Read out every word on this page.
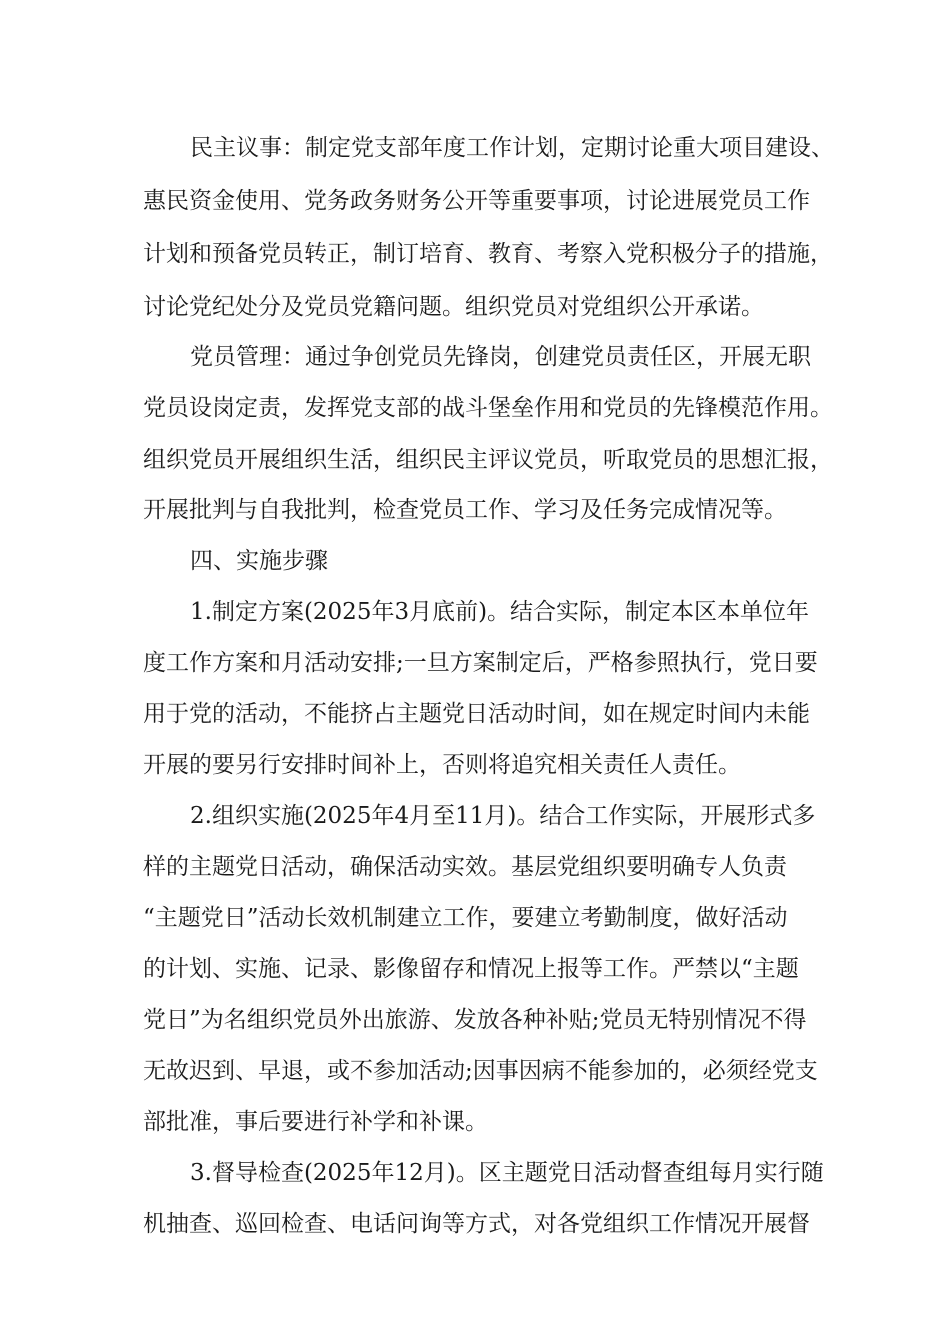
民主议事：制定党支部年度工作计划，定期讨论重大项目建设、
惠民资金使用、党务政务财务公开等重要事项，讨论进展党员工作
计划和预备党员转正，制订培育、教育、考察入党积极分子的措施，
讨论党纪处分及党员党籍问题。组织党员对党组织公开承诺。
党员管理：通过争创党员先锋岗，创建党员责任区，开展无职
党员设岗定责，发挥党支部的战斗堡垒作用和党员的先锋模范作用。
组织党员开展组织生活，组织民主评议党员，听取党员的思想汇报，
开展批判与自我批判，检查党员工作、学习及任务完成情况等。
四、实施步骤
1.制定方案(2025年3月底前)。结合实际，制定本区本单位年
度工作方案和月活动安排;一旦方案制定后，严格参照执行，党日要
用于党的活动，不能挤占主题党日活动时间，如在规定时间内未能
开展的要另行安排时间补上，否则将追究相关责任人责任。
2.组织实施(2025年4月至11月)。结合工作实际，开展形式多
样的主题党日活动，确保活动实效。基层党组织要明确专人负责
“主题党日”活动长效机制建立工作，要建立考勤制度，做好活动
的计划、实施、记录、影像留存和情况上报等工作。严禁以“主题
党日”为名组织党员外出旅游、发放各种补贴;党员无特别情况不得
无故迟到、早退，或不参加活动;因事因病不能参加的，必须经党支
部批准，事后要进行补学和补课。
3.督导检查(2025年12月)。区主题党日活动督查组每月实行随
机抽查、巡回检查、电话问询等方式，对各党组织工作情况开展督
